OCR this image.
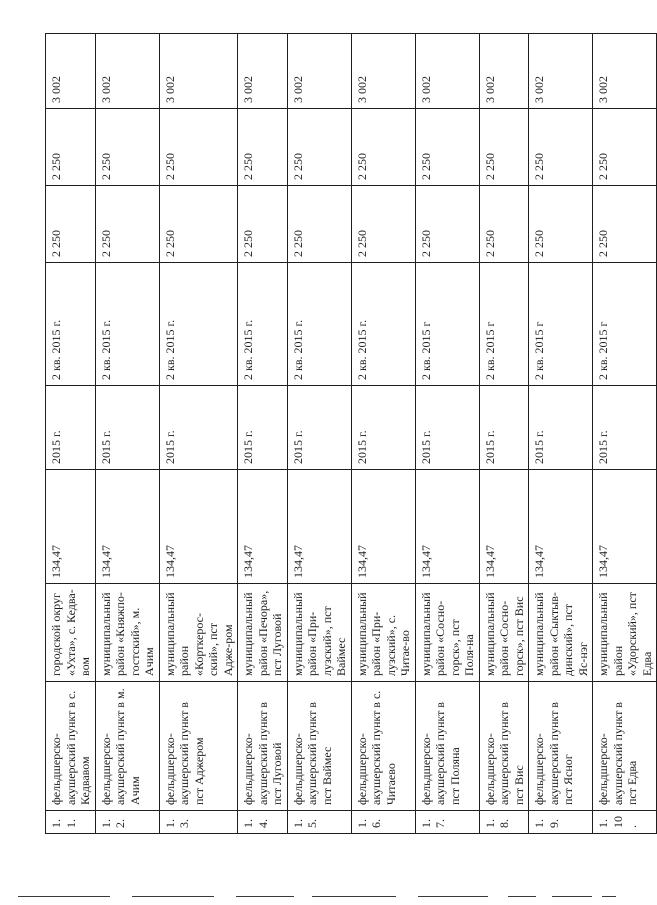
1.1.	фельдшерско-акушерский пункт в с. Кедвавом	городской округ «Ухта», с. Кедва-вом	134,47	2015 г.	2 кв. 2015 г.	2 250	2 250	3 002
1.2.	фельдшерско-акушерский пункт в м. Ачим	муниципальный район «Княжпо-гостский», м. Ачим	134,47	2015 г.	2 кв. 2015 г.	2 250	2 250	3 002
1.3.	фельдшерско-акушерский пункт в пст Аджером	муниципальный район «Корткерос-ский», пст Адже-ром	134,47	2015 г.	2 кв. 2015 г.	2 250	2 250	3 002
1.4.	фельдшерско-акушерский пункт в пст Луговой	муниципальный район «Печора», пст Луговой	134,47	2015 г.	2 кв. 2015 г.	2 250	2 250	3 002
1.5.	фельдшерско-акушерский пункт в пст Ваймес	муниципальный район «При-лузский», пст Ваймес	134,47	2015 г.	2 кв. 2015 г.	2 250	2 250	3 002
1.6.	фельдшерско-акушерский пункт в с. Читаево	муниципальный район «При-лузский», с. Читае-во	134,47	2015 г.	2 кв. 2015 г.	2 250	2 250	3 002
1.7.	фельдшерско-акушерский пункт в пст Поляна	муниципальный район «Сосно-горск», пст Поля-на	134,47	2015 г.	2 кв. 2015 г	2 250	2 250	3 002
1.8.	фельдшерско-акушерский пункт в пст Вис	муниципальный район «Сосно-горск», пст Вис	134,47	2015 г.	2 кв. 2015 г	2 250	2 250	3 002
1.9.	фельдшерско-акушерский пункт в пст Ясног	муниципальный район «Сыктыв-динский», пст Яс-нэг	134,47	2015 г.	2 кв. 2015 г	2 250	2 250	3 002
1.10.	фельдшерско-акушерский пункт в пст Едва	муниципальный район «Удорский», пст Едва	134,47	2015 г.	2 кв. 2015 г	2 250	2 250	3 002
